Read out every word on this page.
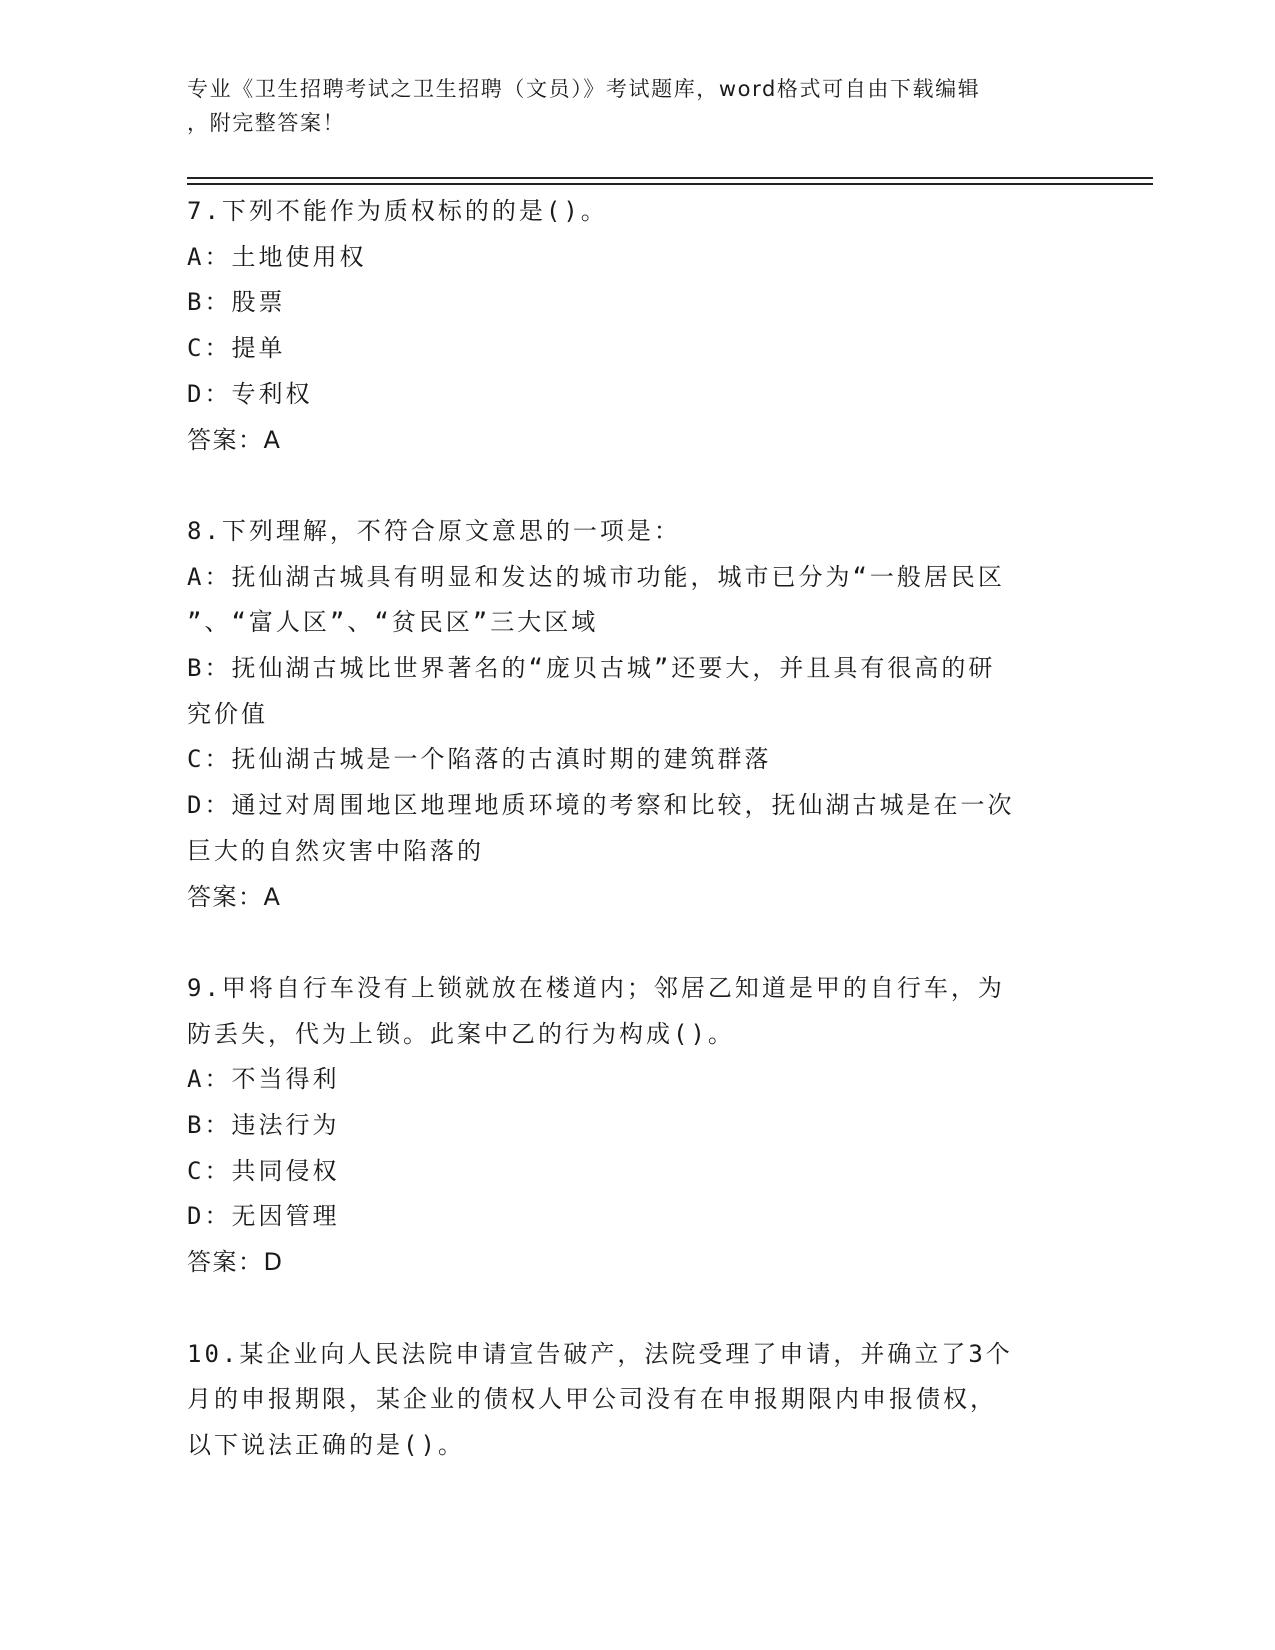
专业《卫生招聘考试之卫生招聘（文员）》考试题库，word格式可自由下载编辑
，附完整答案！
7.下列不能作为质权标的的是()。
A：土地使用权
B：股票
C：提单
D：专利权
答案：A
8.下列理解，不符合原文意思的一项是：
A：抚仙湖古城具有明显和发达的城市功能，城市已分为“一般居民区
”、“富人区”、“贫民区”三大区域
B：抚仙湖古城比世界著名的“庞贝古城”还要大，并且具有很高的研
究价值
C：抚仙湖古城是一个陷落的古滇时期的建筑群落
D：通过对周围地区地理地质环境的考察和比较，抚仙湖古城是在一次
巨大的自然灾害中陷落的
答案：A
9.甲将自行车没有上锁就放在楼道内；邻居乙知道是甲的自行车，为
防丢失，代为上锁。此案中乙的行为构成()。
A：不当得利
B：违法行为
C：共同侵权
D：无因管理
答案：D
10.某企业向人民法院申请宣告破产，法院受理了申请，并确立了3个
月的申报期限，某企业的债权人甲公司没有在申报期限内申报债权，
以下说法正确的是()。
